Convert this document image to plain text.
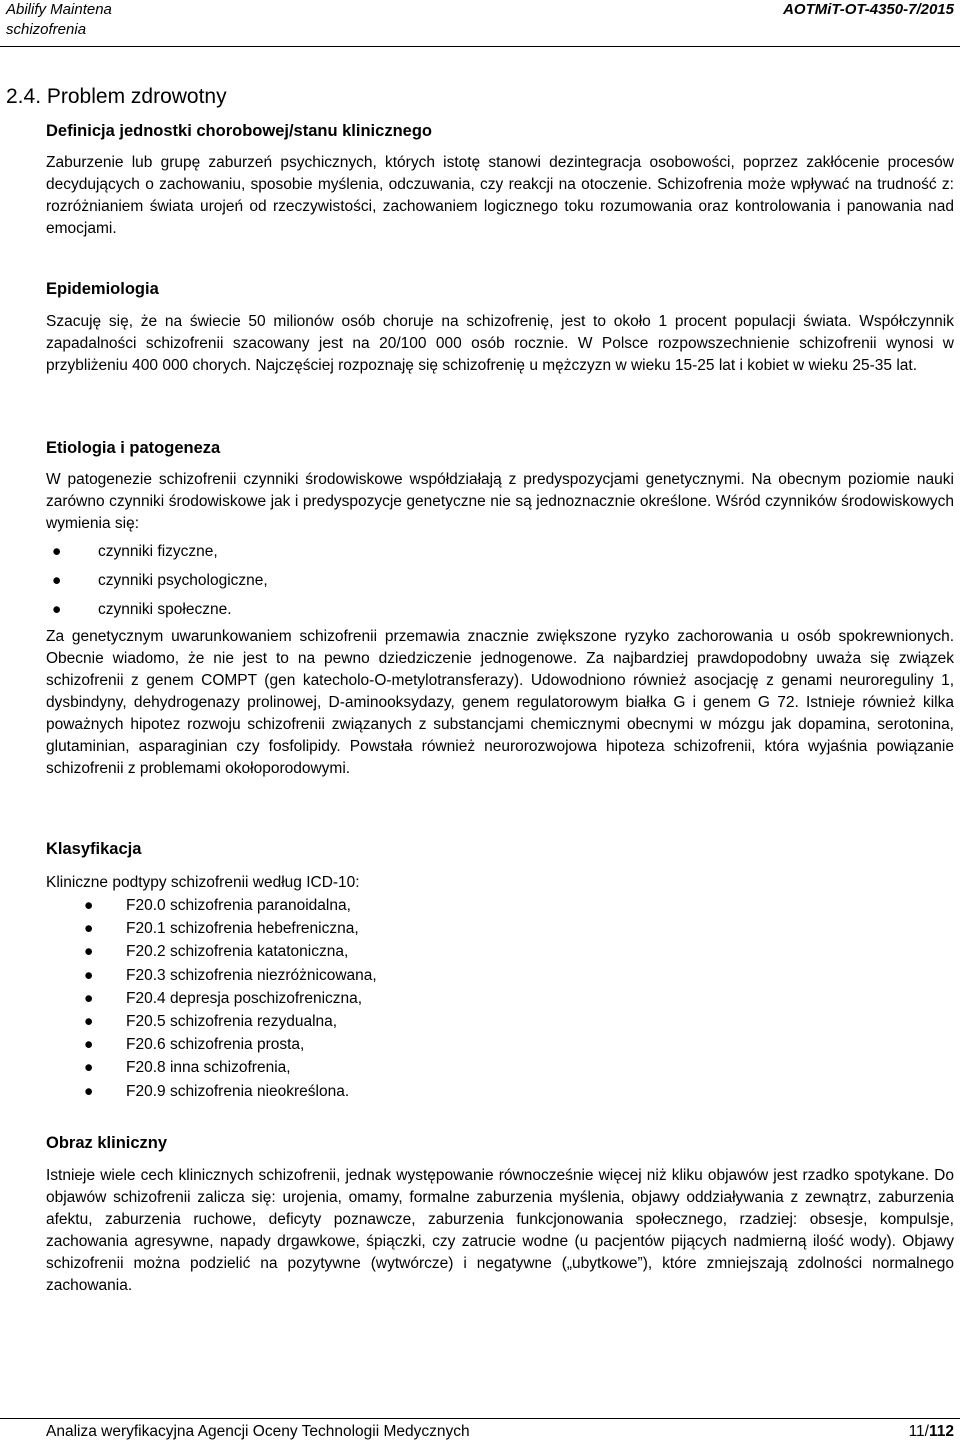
Abilify Maintena
schizofrenia
AOTMiT-OT-4350-7/2015
2.4. Problem zdrowotny
Definicja jednostki chorobowej/stanu klinicznego

Zaburzenie lub grupę zaburzeń psychicznych, których istotę stanowi dezintegracja osobowości, poprzez zakłócenie procesów decydujących o zachowaniu, sposobie myślenia, odczuwania, czy reakcji na otoczenie. Schizofrenia może wpływać na trudność z: rozróżnianiem świata urojeń od rzeczywistości, zachowaniem logicznego toku rozumowania oraz kontrolowania i panowania nad emocjami.

Epidemiologia

Szacuję się, że na świecie 50 milionów osób choruje na schizofrenię, jest to około 1 procent populacji świata. Współczynnik zapadalności schizofrenii szacowany jest na 20/100 000 osób rocznie. W Polsce rozpowszechnienie schizofrenii wynosi w przybliżeniu 400 000 chorych. Najczęściej rozpoznaję się schizofrenię u mężczyzn w wieku 15-25 lat i kobiet w wieku 25-35 lat.

Etiologia i patogeneza

W patogenezie schizofrenii czynniki środowiskowe współdziałają z predyspozycjami genetycznymi. Na obecnym poziomie nauki zarówno czynniki środowiskowe jak i predyspozycje genetyczne nie są jednoznacznie określone. Wśród czynników środowiskowych wymienia się:

● czynniki fizyczne,
● czynniki psychologiczne,
● czynniki społeczne.

Za genetycznym uwarunkowaniem schizofrenii przemawia znacznie zwiększone ryzyko zachorowania u osób spokrewnionych. Obecnie wiadomo, że nie jest to na pewno dziedziczenie jednogenowe. Za najbardziej prawdopodobny uważa się związek schizofrenii z genem COMPT (gen katecholo-O-metylotransferazy). Udowodniono również asocjację z genami neuroreguliny 1, dysbindyny, dehydrogenazy prolinowej, D-aminooksydazy, genem regulatorowym białka G i genem G 72. Istnieje również kilka poważnych hipotez rozwoju schizofrenii związanych z substancjami chemicznymi obecnymi w mózgu jak dopamina, serotonina, glutaminian, asparaginian czy fosfolipidy. Powstała również neurorozwojowa hipoteza schizofrenii, która wyjaśnia powiązanie schizofrenii z problemami okołoporodowymi.

Klasyfikacja

Kliniczne podtypy schizofrenii według ICD-10:

● F20.0 schizofrenia paranoidalna,
● F20.1 schizofrenia hebefreniczna,
● F20.2 schizofrenia katatoniczna,
● F20.3 schizofrenia niezróżnicowana,
● F20.4 depresja poschizofreniczna,
● F20.5 schizofrenia rezydualna,
● F20.6 schizofrenia prosta,
● F20.8 inna schizofrenia,
● F20.9 schizofrenia nieokreślona.
Obraz kliniczny

Istnieje wiele cech klinicznych schizofrenii, jednak występowanie równocześnie więcej niż kliku objawów jest rzadko spotykane. Do objawów schizofrenii zalicza się: urojenia, omamy, formalne zaburzenia myślenia, objawy oddziaływania z zewnątrz, zaburzenia afektu, zaburzenia ruchowe, deficyty poznawcze, zaburzenia funkcjonowania społecznego, rzadziej: obsesje, kompulsje, zachowania agresywne, napady drgawkowe, śpiączki, czy zatrucie wodne (u pacjentów pijących nadmierną ilość wody). Objawy schizofrenii można podzielić na pozytywne (wytwórcze) i negatywne („ubytkowe”), które zmniejszają zdolności normalnego zachowania.

Analiza weryfikacyjna Agencji Oceny Technologii Medycznych	11/112
